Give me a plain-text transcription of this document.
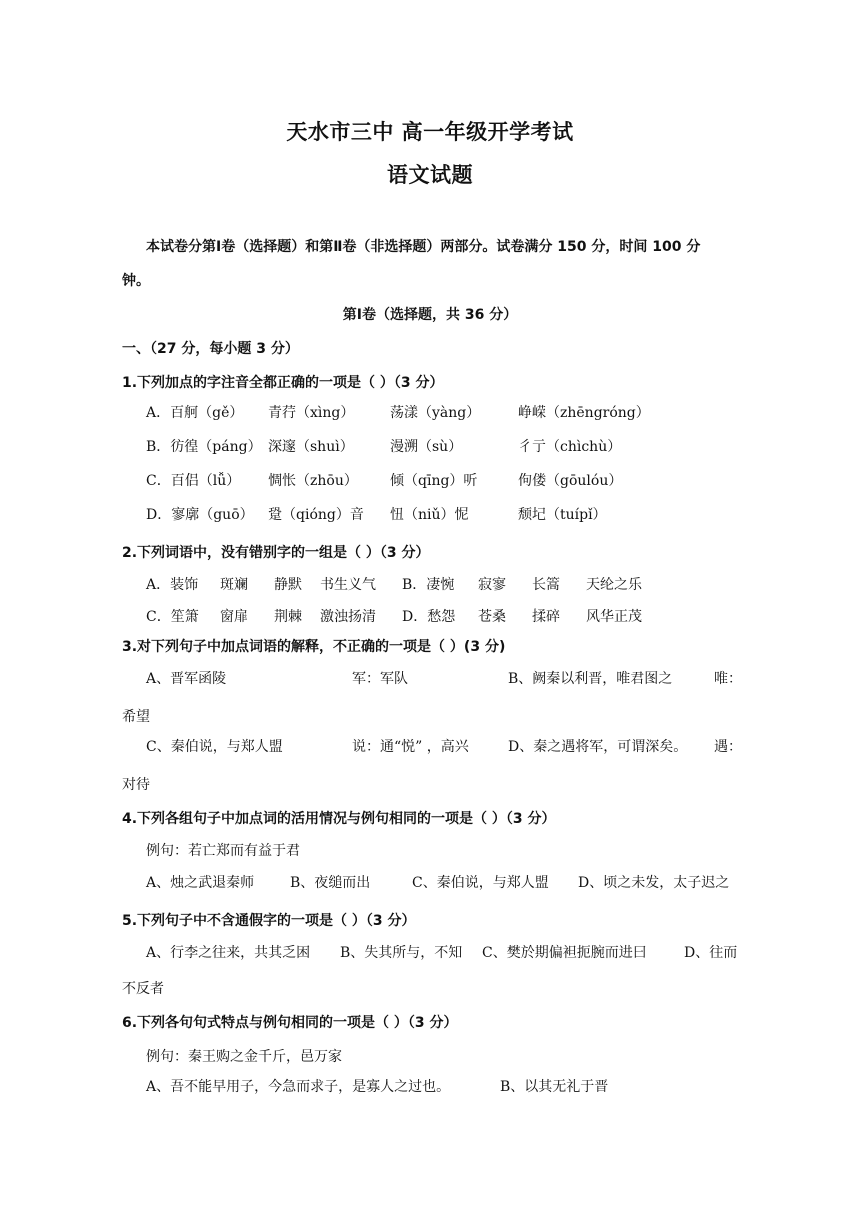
天水市三中 高一年级开学考试
语文试题
本试卷分第Ⅰ卷（选择题）和第Ⅱ卷（非选择题）两部分。试卷满分 150 分，时间 100 分
钟。
第Ⅰ卷（选择题，共 36 分）
一、（27 分，每小题 3 分）
1.下列加点的字注音全都正确的一项是（ ）（3 分）
A．百舸（gě） 青荇（xìng）	荡漾（yàng）	峥嵘（zhēngróng）
B．彷徨（páng） 深邃（shuì）	漫溯（sù）	彳亍（chìchù）
C．百侣（lǚ） 惆怅（zhōu） 倾（qīng）听	佝偻（gōulóu）
D．寥廓（guō） 跫（qióng）音 忸（niǔ）怩	颓圮（tuípǐ）
2.下列词语中，没有错别字的一组是（ ）（3 分）
A．装饰 斑斓 静默 书生义气 B．凄惋 寂寥 长篙 天纶之乐
C．笙箫 窗扉 荆棘 激浊扬清 D．愁怨 苍桑 揉碎 风华正茂
3.对下列句子中加点词语的解释，不正确的一项是（ ）(3 分)
A、晋军函陵	军：军队	B、阙秦以利晋，唯君图之	唯：
希望
C、秦伯说，与郑人盟	说：通“悦” ，高兴	D、秦之遇将军，可谓深矣。 遇：
对待
4.下列各组句子中加点词的活用情况与例句相同的一项是（ ）（3 分）
例句：若亡郑而有益于君
A、烛之武退秦师	B、夜缒而出	C、秦伯说，与郑人盟 D、顷之未发，太子迟之
5.下列句子中不含通假字的一项是（ ）（3 分）
A、行李之往来，共其乏困 B、失其所与，不知 C、樊於期偏袒扼腕而进曰	D、往而
不反者
6.下列各句句式特点与例句相同的一项是（ ）（3 分）
例句：秦王购之金千斤，邑万家
A、吾不能早用子，今急而求子，是寡人之过也。	B、以其无礼于晋
